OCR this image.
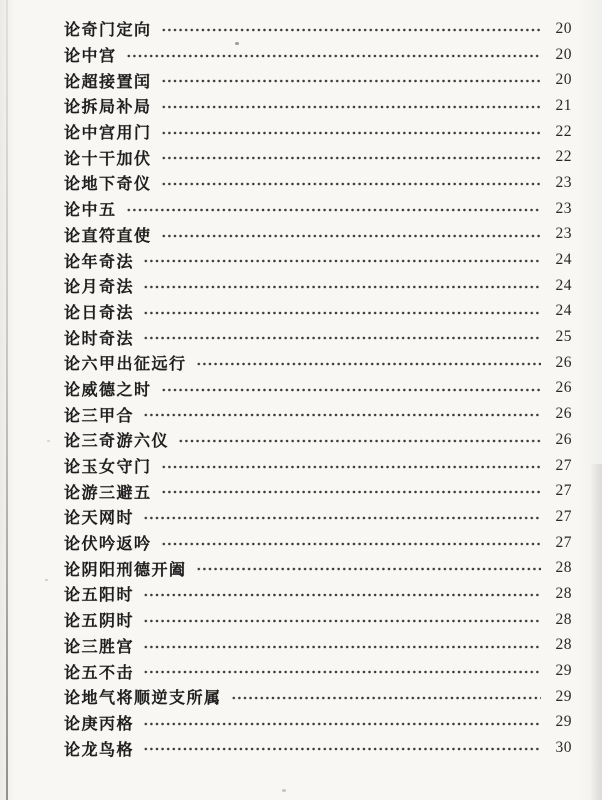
论奇门定向	20
论中宫	20
论超接置闰	20
论拆局补局	21
论中宫用门	22
论十干加伏	22
论地下奇仪	23
论中五	23
论直符直使	23
论年奇法	24
论月奇法	24
论日奇法	24
论时奇法	25
论六甲出征远行	26
论威德之时	26
论三甲合	26
论三奇游六仪	26
论玉女守门	27
论游三避五	27
论天网时	27
论伏吟返吟	27
论阴阳刑德开阖	28
论五阳时	28
论五阴时	28
论三胜宫	28
论五不击	29
论地气将顺逆支所属	29
论庚丙格	29
论龙鸟格	30
